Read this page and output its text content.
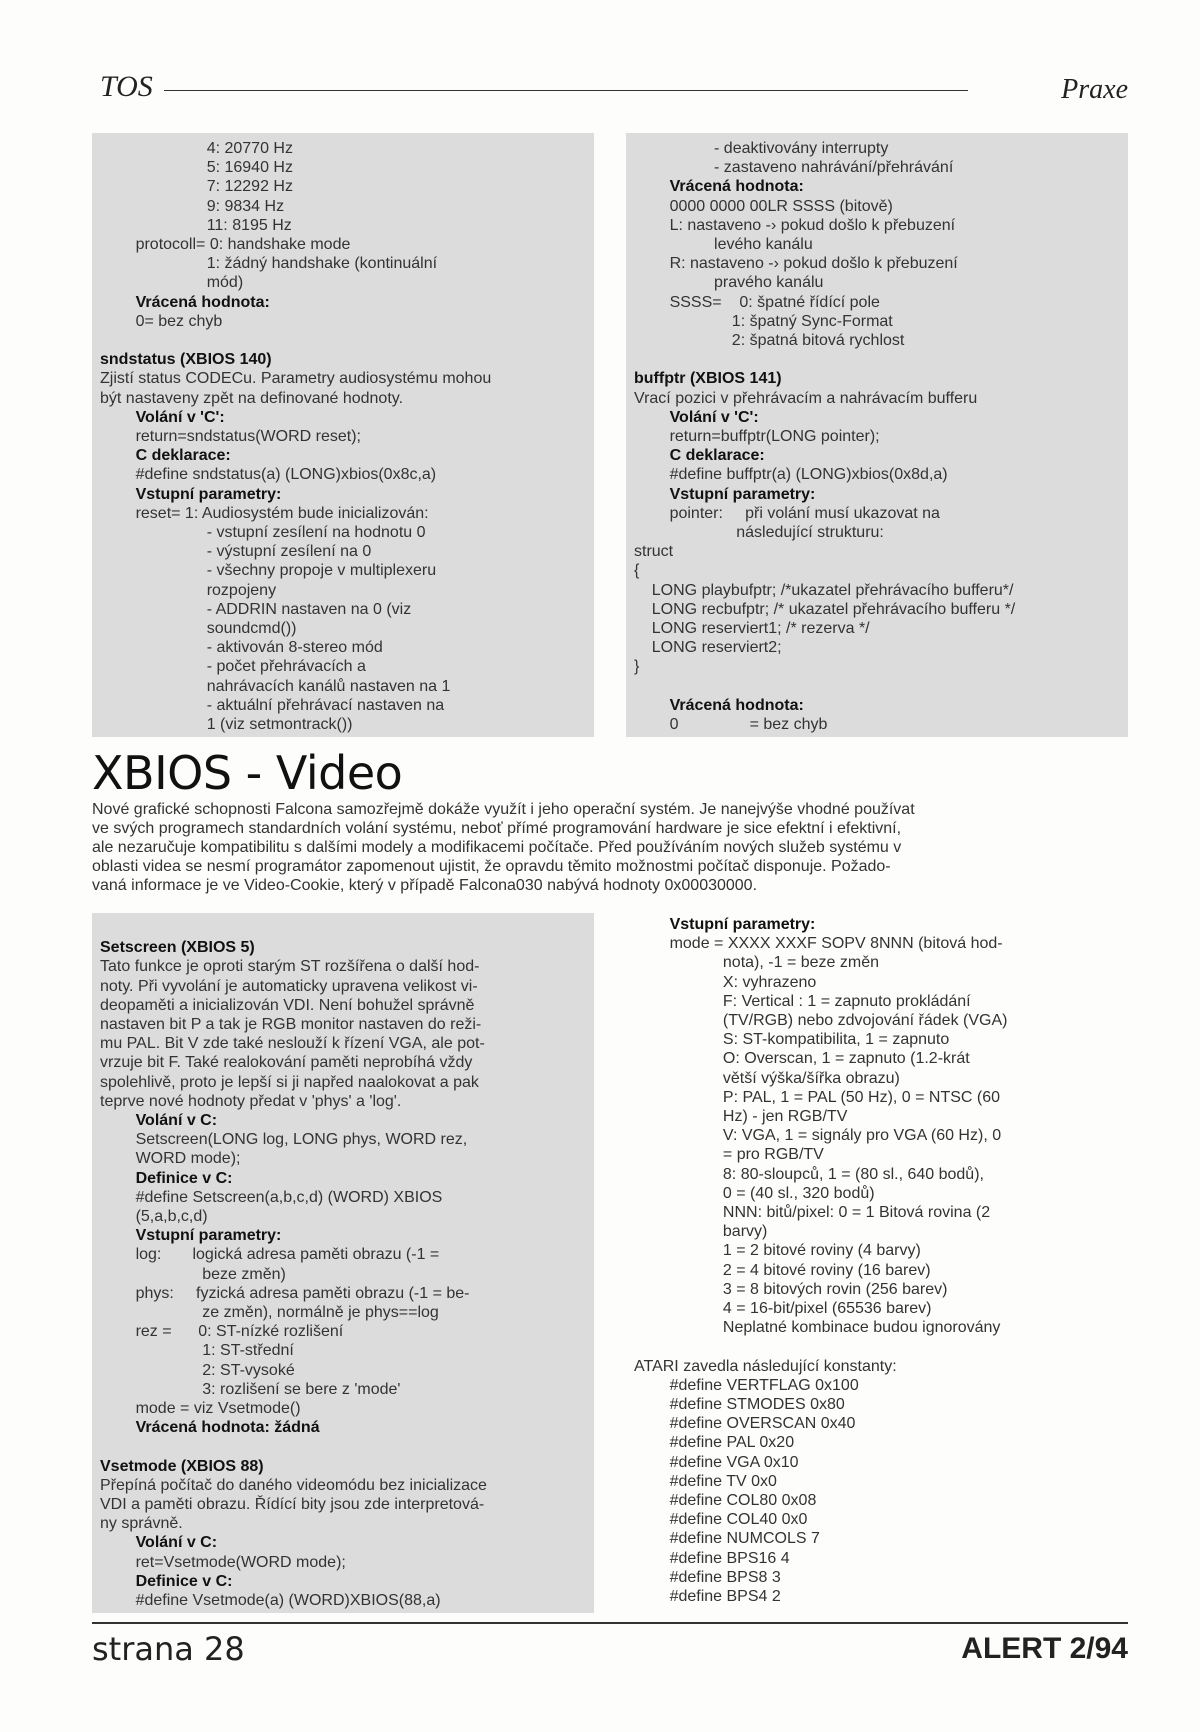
TOS	Praxe
4: 20770 Hz
5: 16940 Hz
7: 12292 Hz
9: 9834 Hz
11: 8195 Hz
protocoll= 0: handshake mode
1: žádný handshake (kontinuální
mód)
Vrácená hodnota:
0= bez chyb
sndstatus (XBIOS 140)
Zjistí status CODECu. Parametry audiosystému mohou
být nastaveny zpět na definované hodnoty.
Volání v 'C':
return=sndstatus(WORD reset);
C deklarace:
#define sndstatus(a) (LONG)xbios(0x8c,a)
Vstupní parametry:
reset= 1: Audiosystém bude inicializován:
- vstupní zesílení na hodnotu 0
- výstupní zesílení na 0
- všechny propoje v multiplexeru
rozpojeny
- ADDRIN nastaven na 0 (viz
soundcmd())
- aktivován 8-stereo mód
- počet přehrávacích a
nahrávacích kanálů nastaven na 1
- aktuální přehrávací nastaven na
1 (viz setmontrack())
- deaktivovány interrupty
- zastaveno nahrávání/přehrávání
Vrácená hodnota:
0000 0000 00LR SSSS (bitově)
L: nastaveno -› pokud došlo k přebuzení
levého kanálu
R: nastaveno -› pokud došlo k přebuzení
pravého kanálu
SSSS=    0: špatné řídící pole
1: špatný Sync-Format
2: špatná bitová rychlost
buffptr (XBIOS 141)
Vrací pozici v přehrávacím a nahrávacím bufferu
Volání v 'C':
return=buffptr(LONG pointer);
C deklarace:
#define buffptr(a) (LONG)xbios(0x8d,a)
Vstupní parametry:
pointer:     při volání musí ukazovat na
následující strukturu:
struct
{
LONG playbufptr; /*ukazatel přehrávacího bufferu*/
LONG recbufptr; /* ukazatel přehrávacího bufferu */
LONG reserviert1; /* rezerva */
LONG reserviert2;
}
Vrácená hodnota:
0                = bez chyb
XBIOS - Video
Nové grafické schopnosti Falcona samozřejmě dokáže využít i jeho operační systém. Je nanejvýše vhodné používat
ve svých programech standardních volání systému, neboť přímé programování hardware je sice efektní i efektivní,
ale nezaručuje kompatibilitu s dalšími modely a modifikacemi počítače. Před používáním nových služeb systému v
oblasti videa se nesmí programátor zapomenout ujistit, že opravdu těmito možnostmi počítač disponuje. Požado-
vaná informace je ve Video-Cookie, který v případě Falcona030 nabývá hodnoty 0x00030000.
Setscreen (XBIOS 5)
Tato funkce je oproti starým ST rozšířena o další hod-
noty. Při vyvolání je automaticky upravena velikost vi-
deopaměti a inicializován VDI. Není bohužel správně
nastaven bit P a tak je RGB monitor nastaven do reži-
mu PAL. Bit V zde také neslouží k řízení VGA, ale pot-
vrzuje bit F. Také realokování paměti neprobíhá vždy
spolehlivě, proto je lepší si ji napřed naalokovat a pak
teprve nové hodnoty předat v 'phys' a 'log'.
Volání v C:
Setscreen(LONG log, LONG phys, WORD rez,
WORD mode);
Definice v C:
#define Setscreen(a,b,c,d) (WORD) XBIOS
(5,a,b,c,d)
Vstupní parametry:
log:       logická adresa paměti obrazu (-1 =
beze změn)
phys:     fyzická adresa paměti obrazu (-1 = be-
ze změn), normálně je phys==log
rez =      0: ST-nízké rozlišení
1: ST-střední
2: ST-vysoké
3: rozlišení se bere z 'mode'
mode = viz Vsetmode()
Vrácená hodnota: žádná
Vsetmode (XBIOS 88)
Přepíná počítač do daného videomódu bez inicializace
VDI a paměti obrazu. Řídící bity jsou zde interpretová-
ny správně.
Volání v C:
ret=Vsetmode(WORD mode);
Definice v C:
#define Vsetmode(a) (WORD)XBIOS(88,a)
Vstupní parametry:
mode = XXXX XXXF SOPV 8NNN (bitová hod-
nota), -1 = beze změn
X: vyhrazeno
F: Vertical : 1 = zapnuto prokládání
(TV/RGB) nebo zdvojování řádek (VGA)
S: ST-kompatibilita, 1 = zapnuto
O: Overscan, 1 = zapnuto (1.2-krát
větší výška/šířka obrazu)
P: PAL, 1 = PAL (50 Hz), 0 = NTSC (60
Hz) - jen RGB/TV
V: VGA, 1 = signály pro VGA (60 Hz), 0
= pro RGB/TV
8: 80-sloupců, 1 = (80 sl., 640 bodů),
0 = (40 sl., 320 bodů)
NNN: bitů/pixel: 0 = 1 Bitová rovina (2
barvy)
1 = 2 bitové roviny (4 barvy)
2 = 4 bitové roviny (16 barev)
3 = 8 bitových rovin (256 barev)
4 = 16-bit/pixel (65536 barev)
Neplatné kombinace budou ignorovány
ATARI zavedla následující konstanty:
#define VERTFLAG 0x100
#define STMODES 0x80
#define OVERSCAN 0x40
#define PAL 0x20
#define VGA 0x10
#define TV 0x0
#define COL80 0x08
#define COL40 0x0
#define NUMCOLS 7
#define BPS16 4
#define BPS8 3
#define BPS4 2
strana 28	ALERT 2/94
